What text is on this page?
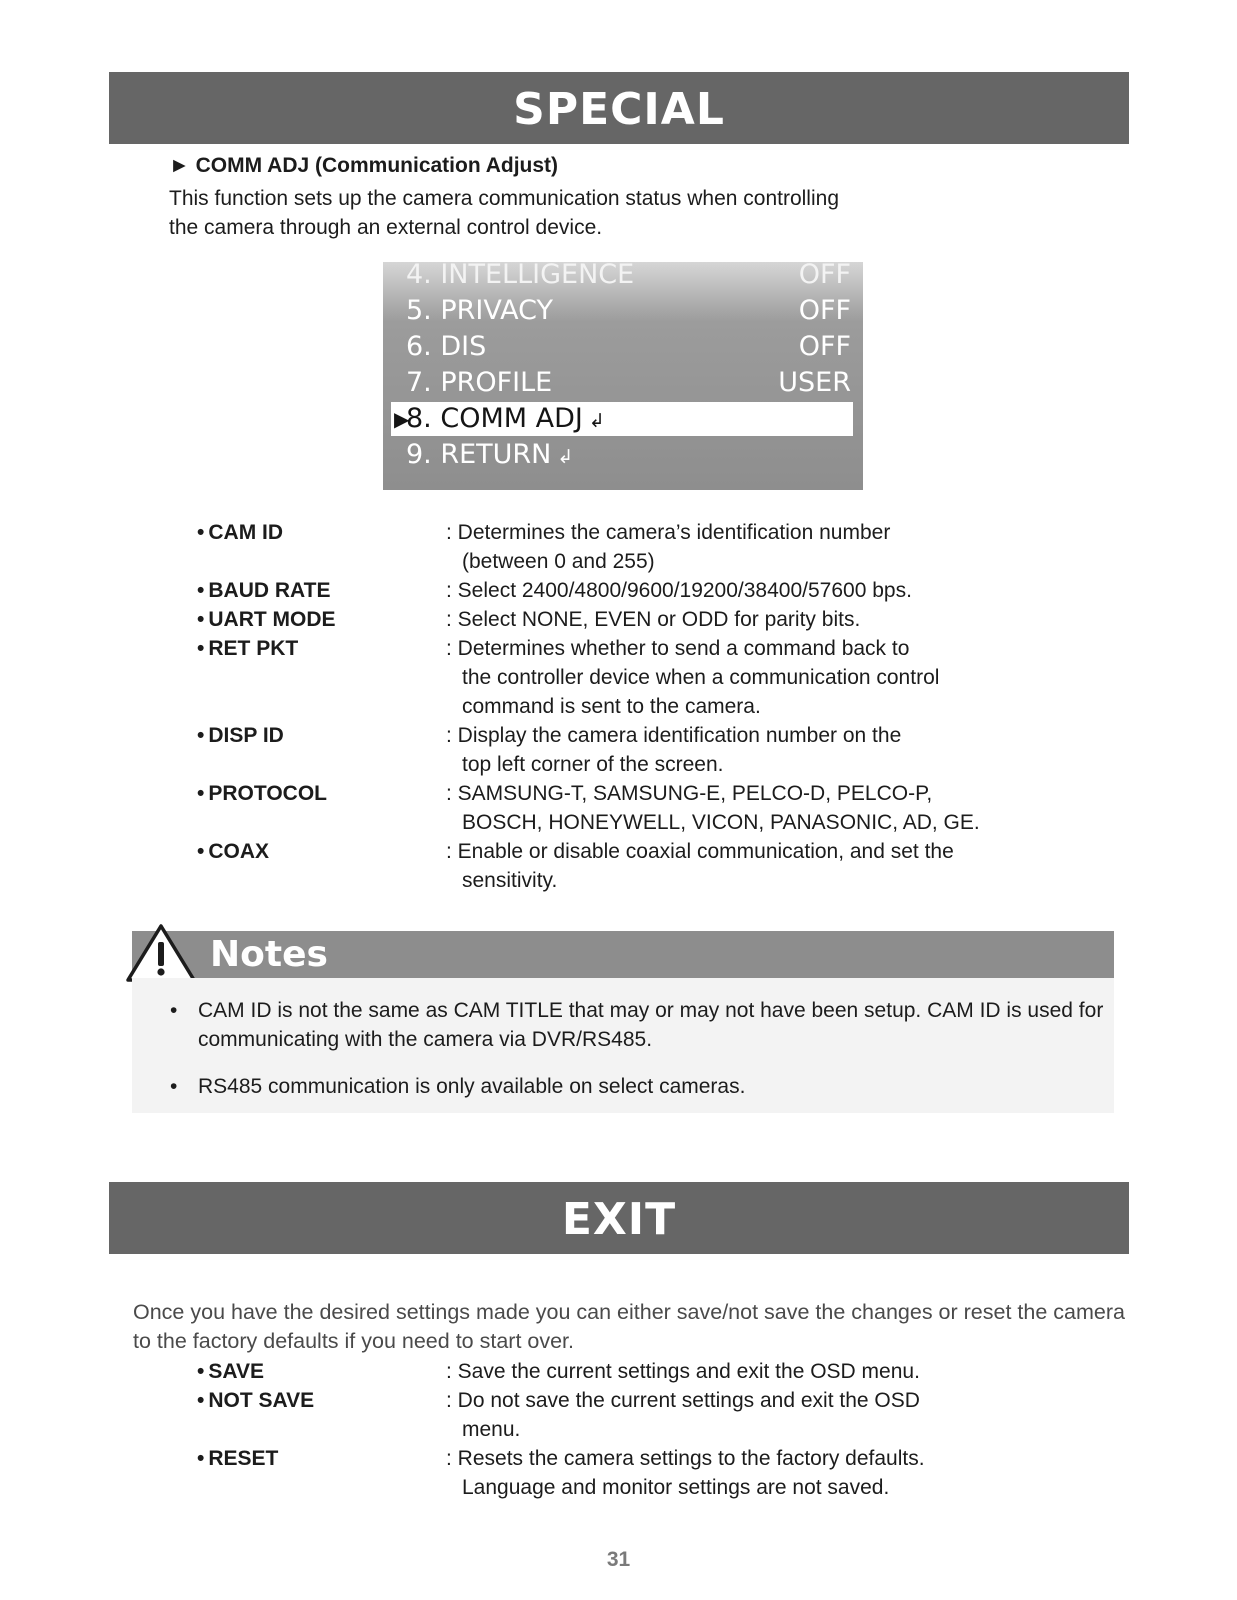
SPECIAL
► COMM ADJ (Communication Adjust)

This function sets up the camera communication status when controlling
the camera through an external control device.

4. INTELLIGENCE	OFF
5. PRIVACY	OFF
6. DIS	OFF
7. PROFILE	USER
▶
8. COMM ADJ ↲
9. RETURN ↲
• CAM ID	: Determines the camera’s identification number
(between 0 and 255)
• BAUD RATE	: Select 2400/4800/9600/19200/38400/57600 bps.
• UART MODE	: Select NONE, EVEN or ODD for parity bits.
• RET PKT	: Determines whether to send a command back to
the controller device when a communication control
command is sent to the camera.
• DISP ID	: Display the camera identification number on the
top left corner of the screen.
• PROTOCOL	: SAMSUNG-T, SAMSUNG-E, PELCO-D, PELCO-P,
BOSCH, HONEYWELL, VICON, PANASONIC, AD, GE.
• COAX	: Enable or disable coaxial communication, and set the
sensitivity.
Notes
• CAM ID is not the same as CAM TITLE that may or may not have been setup. CAM ID is used for communicating with the camera via DVR/RS485.
• RS485 communication is only available on select cameras.
EXIT

Once you have the desired settings made you can either save/not save the changes or reset the camera to the factory defaults if you need to start over.

• SAVE	: Save the current settings and exit the OSD menu.
• NOT SAVE	: Do not save the current settings and exit the OSD
menu.
• RESET	: Resets the camera settings to the factory defaults.
Language and monitor settings are not saved.
31
